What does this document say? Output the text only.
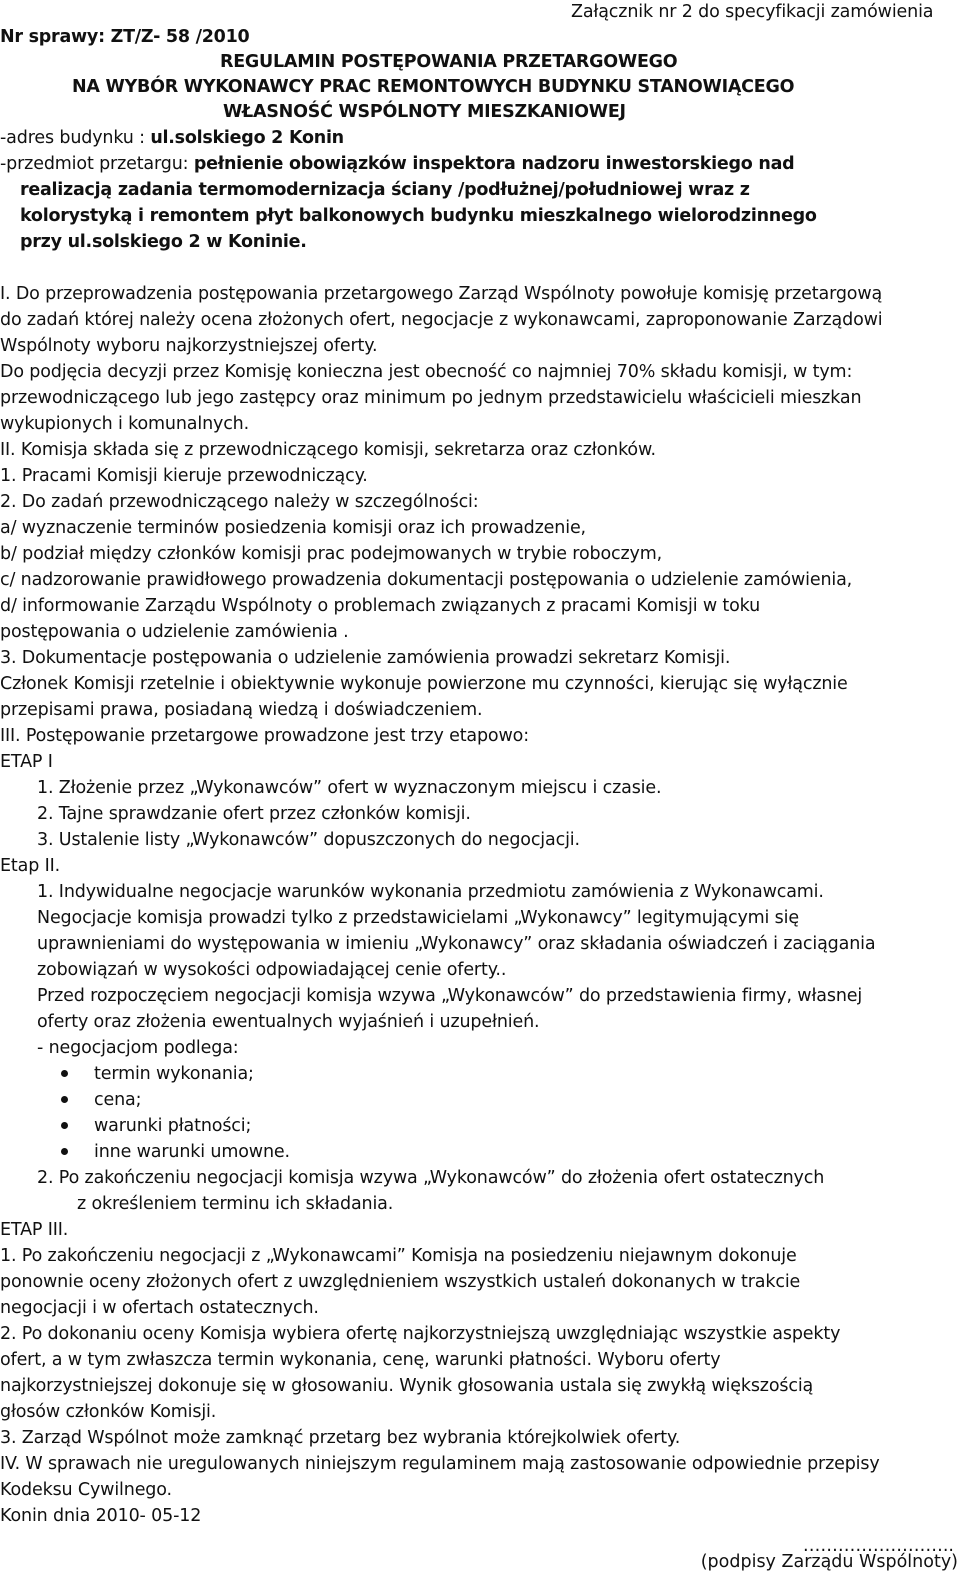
Załącznik nr 2 do specyfikacji zamówienia

Nr sprawy: ZT/Z- 58 /2010

REGULAMIN POSTĘPOWANIA PRZETARGOWEGO

NA WYBÓR WYKONAWCY PRAC REMONTOWYCH BUDYNKU STANOWIĄCEGO

WŁASNOŚĆ WSPÓLNOTY MIESZKANIOWEJ

-adres budynku : ul.solskiego 2 Konin

-przedmiot przetargu: pełnienie obowiązków inspektora nadzoru inwestorskiego nad

realizacją zadania termomodernizacja ściany /podłużnej/południowej wraz z

kolorystyką i remontem płyt balkonowych budynku mieszkalnego wielorodzinnego

przy ul.solskiego 2 w Koninie.

I. Do przeprowadzenia postępowania przetargowego Zarząd Wspólnoty powołuje komisję przetargową

do zadań której należy ocena złożonych ofert, negocjacje z wykonawcami, zaproponowanie Zarządowi

Wspólnoty wyboru najkorzystniejszej oferty.

Do podjęcia decyzji przez Komisję konieczna jest obecność co najmniej 70% składu komisji, w tym:

przewodniczącego lub jego zastępcy oraz minimum po jednym przedstawicielu właścicieli mieszkan

wykupionych i komunalnych.

II. Komisja składa się z przewodniczącego komisji, sekretarza oraz członków.

1. Pracami Komisji kieruje przewodniczący.

2. Do zadań przewodniczącego należy w szczególności:

a/ wyznaczenie terminów posiedzenia komisji oraz ich prowadzenie,

b/ podział między członków komisji prac podejmowanych w trybie roboczym,

c/ nadzorowanie prawidłowego prowadzenia dokumentacji postępowania o udzielenie zamówienia,

d/ informowanie Zarządu Wspólnoty o problemach związanych z pracami Komisji w toku

postępowania o udzielenie zamówienia .

3. Dokumentacje postępowania o udzielenie zamówienia prowadzi sekretarz Komisji.

Członek Komisji rzetelnie i obiektywnie wykonuje powierzone mu czynności, kierując się wyłącznie

przepisami prawa, posiadaną wiedzą i doświadczeniem.

III. Postępowanie przetargowe prowadzone jest trzy etapowo:

ETAP I

1. Złożenie przez „Wykonawców” ofert w wyznaczonym miejscu i czasie.

2. Tajne sprawdzanie ofert przez członków komisji.

3. Ustalenie listy „Wykonawców” dopuszczonych do negocjacji.

Etap II.

1. Indywidualne negocjacje warunków wykonania przedmiotu zamówienia z Wykonawcami.

Negocjacje komisja prowadzi tylko z przedstawicielami „Wykonawcy” legitymującymi się

uprawnieniami do występowania w imieniu „Wykonawcy” oraz składania oświadczeń i zaciągania

zobowiązań w wysokości odpowiadającej cenie oferty..

Przed rozpoczęciem negocjacji komisja wzywa „Wykonawców” do przedstawienia firmy, własnej

oferty oraz złożenia ewentualnych wyjaśnień i uzupełnień.

- negocjacjom podlega:

termin wykonania;

cena;

warunki płatności;

inne warunki umowne.

2. Po zakończeniu negocjacji komisja wzywa „Wykonawców” do złożenia ofert ostatecznych

z określeniem terminu ich składania.

ETAP III.

1. Po zakończeniu negocjacji z „Wykonawcami” Komisja na posiedzeniu niejawnym dokonuje

ponownie oceny złożonych ofert z uwzględnieniem wszystkich ustaleń dokonanych w trakcie

negocjacji i w ofertach ostatecznych.

2. Po dokonaniu oceny Komisja wybiera ofertę najkorzystniejszą uwzględniając wszystkie aspekty

ofert, a w tym zwłaszcza termin wykonania, cenę, warunki płatności. Wyboru oferty

najkorzystniejszej dokonuje się w głosowaniu. Wynik głosowania ustala się zwykłą większością

głosów członków Komisji.

3. Zarząd Wspólnot może zamknąć przetarg bez wybrania którejkolwiek oferty.

IV. W sprawach nie uregulowanych niniejszym regulaminem mają zastosowanie odpowiednie przepisy

Kodeksu Cywilnego.

Konin dnia 2010- 05-12

……………………..

(podpisy Zarządu Wspólnoty)
